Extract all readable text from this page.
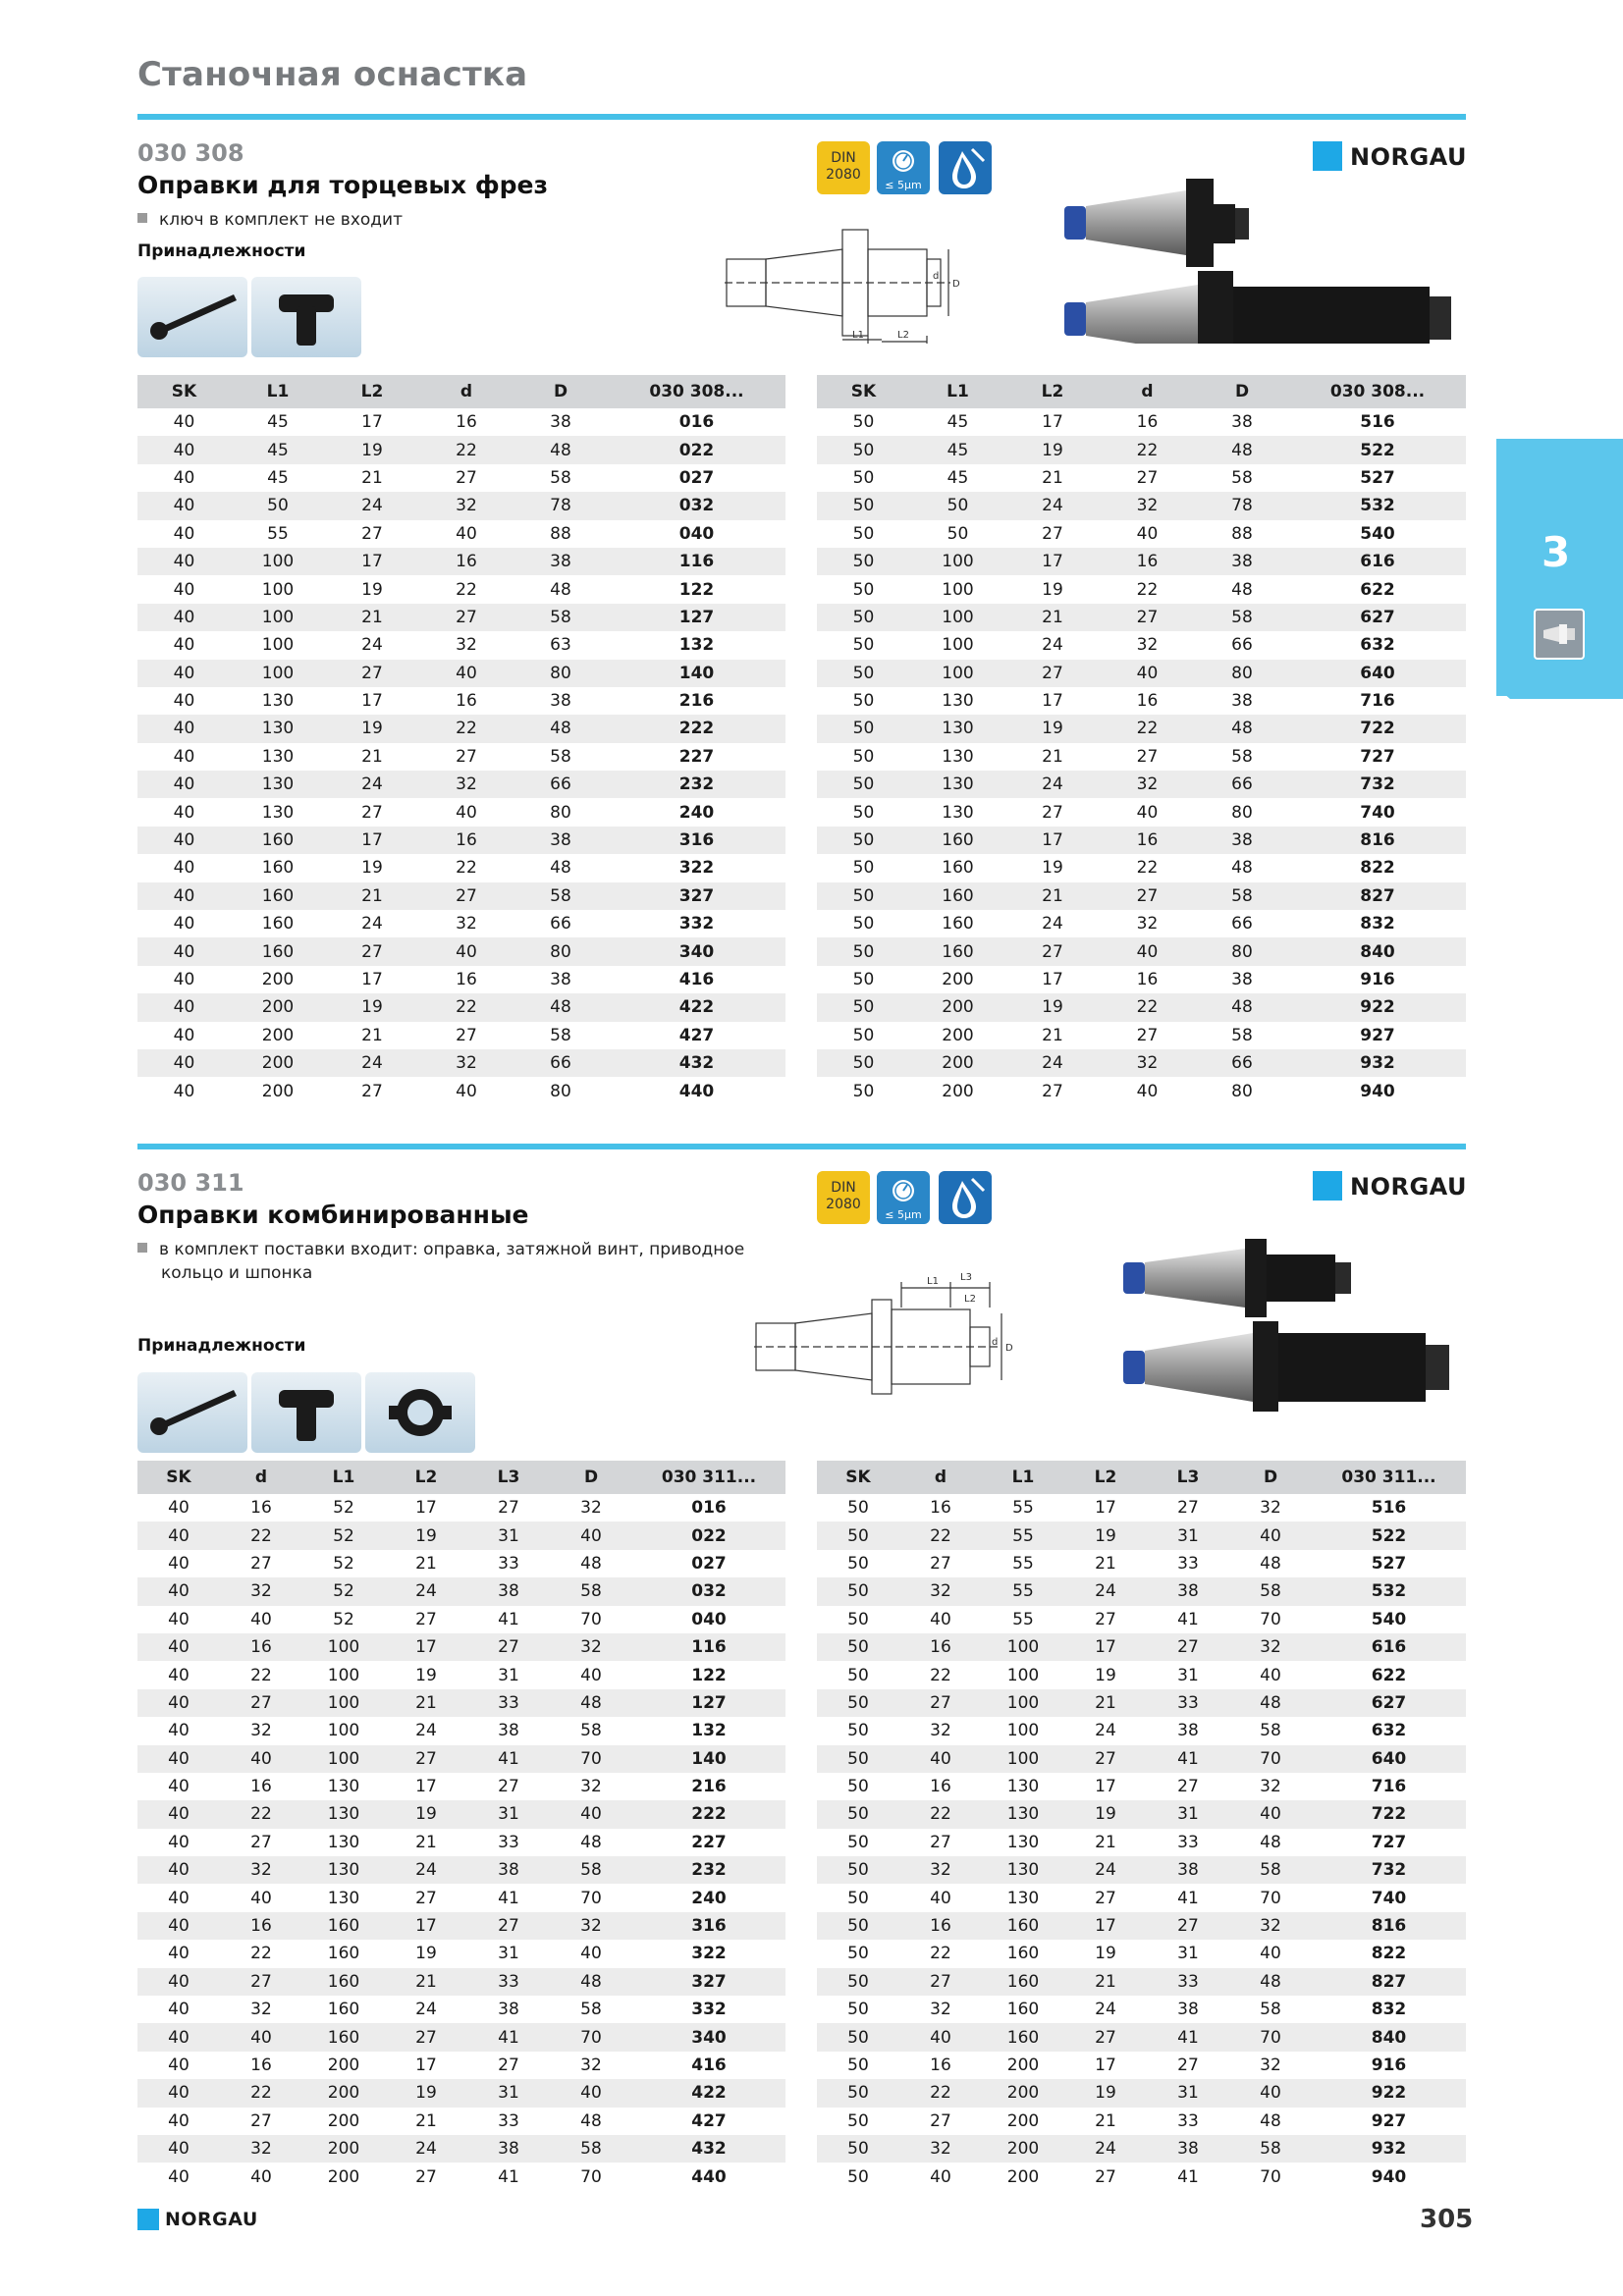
Станочная оснастка
030 308
Оправки для торцевых фрез
ключ в комплект не входит
Принадлежности
DIN
2080
≤ 5μm
L1	L2
d
D
NORGAU
SK	L1	L2	d	D	030 308...
40	45	17	16	38	016
40	45	19	22	48	022
40	45	21	27	58	027
40	50	24	32	78	032
40	55	27	40	88	040
40	100	17	16	38	116
40	100	19	22	48	122
40	100	21	27	58	127
40	100	24	32	63	132
40	100	27	40	80	140
40	130	17	16	38	216
40	130	19	22	48	222
40	130	21	27	58	227
40	130	24	32	66	232
40	130	27	40	80	240
40	160	17	16	38	316
40	160	19	22	48	322
40	160	21	27	58	327
40	160	24	32	66	332
40	160	27	40	80	340
40	200	17	16	38	416
40	200	19	22	48	422
40	200	21	27	58	427
40	200	24	32	66	432
40	200	27	40	80	440
SK	L1	L2	d	D	030 308...
50	45	17	16	38	516
50	45	19	22	48	522
50	45	21	27	58	527
50	50	24	32	78	532
50	50	27	40	88	540
50	100	17	16	38	616
50	100	19	22	48	622
50	100	21	27	58	627
50	100	24	32	66	632
50	100	27	40	80	640
50	130	17	16	38	716
50	130	19	22	48	722
50	130	21	27	58	727
50	130	24	32	66	732
50	130	27	40	80	740
50	160	17	16	38	816
50	160	19	22	48	822
50	160	21	27	58	827
50	160	24	32	66	832
50	160	27	40	80	840
50	200	17	16	38	916
50	200	19	22	48	922
50	200	21	27	58	927
50	200	24	32	66	932
50	200	27	40	80	940
030 311
Оправки комбинированные
в комплект поставки входит: оправка, затяжной винт, приводное
кольцо и шпонка
Принадлежности
DIN
2080
≤ 5μm
L1 L3
L2
d
D
NORGAU
SK	d	L1	L2	L3	D	030 311...
40	16	52	17	27	32	016
40	22	52	19	31	40	022
40	27	52	21	33	48	027
40	32	52	24	38	58	032
40	40	52	27	41	70	040
40	16	100	17	27	32	116
40	22	100	19	31	40	122
40	27	100	21	33	48	127
40	32	100	24	38	58	132
40	40	100	27	41	70	140
40	16	130	17	27	32	216
40	22	130	19	31	40	222
40	27	130	21	33	48	227
40	32	130	24	38	58	232
40	40	130	27	41	70	240
40	16	160	17	27	32	316
40	22	160	19	31	40	322
40	27	160	21	33	48	327
40	32	160	24	38	58	332
40	40	160	27	41	70	340
40	16	200	17	27	32	416
40	22	200	19	31	40	422
40	27	200	21	33	48	427
40	32	200	24	38	58	432
40	40	200	27	41	70	440
SK	d	L1	L2	L3	D	030 311...
50	16	55	17	27	32	516
50	22	55	19	31	40	522
50	27	55	21	33	48	527
50	32	55	24	38	58	532
50	40	55	27	41	70	540
50	16	100	17	27	32	616
50	22	100	19	31	40	622
50	27	100	21	33	48	627
50	32	100	24	38	58	632
50	40	100	27	41	70	640
50	16	130	17	27	32	716
50	22	130	19	31	40	722
50	27	130	21	33	48	727
50	32	130	24	38	58	732
50	40	130	27	41	70	740
50	16	160	17	27	32	816
50	22	160	19	31	40	822
50	27	160	21	33	48	827
50	32	160	24	38	58	832
50	40	160	27	41	70	840
50	16	200	17	27	32	916
50	22	200	19	31	40	922
50	27	200	21	33	48	927
50	32	200	24	38	58	932
50	40	200	27	41	70	940
3
NORGAU	305
